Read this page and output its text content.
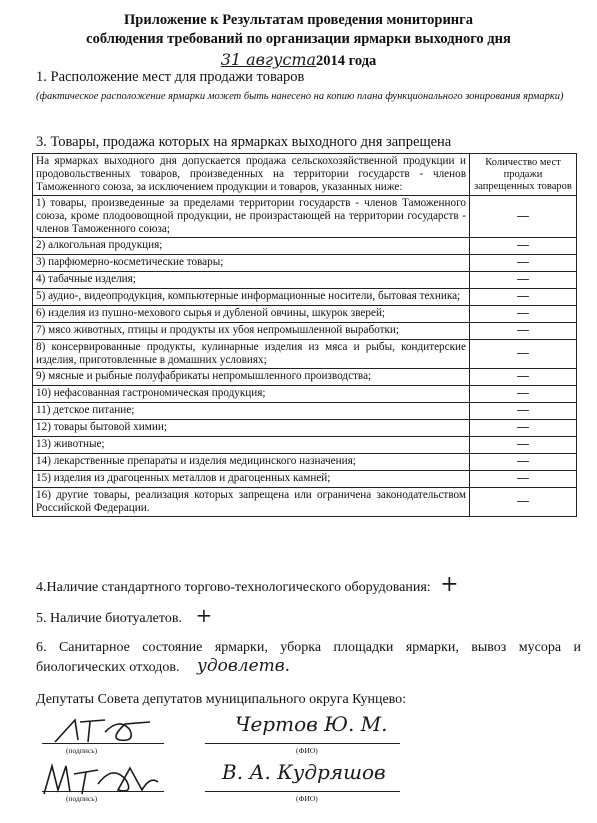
Приложение к Результатам проведения мониторинга
соблюдения требований по организации ярмарки выходного дня
31 августа2014 года
1. Расположение мест для продажи товаров
(фактическое расположение ярмарки может быть нанесено на копию плана функционального зонирования ярмарки)
3. Товары, продажа которых на ярмарках выходного дня запрещена
На ярмарках выходного дня допускается продажа сельскохозяйственной продукции и продовольственных товаров, произведенных на территории государств - членов Таможенного союза, за исключением продукции и товаров, указанных ниже:	Количество мест продажи запрещенных товаров
1) товары, произведенные за пределами территории государств - членов Таможенного союза, кроме плодоовощной продукции, не произрастающей на территории государств - членов Таможенного союза;	—
2) алкогольная продукция;	—
3) парфюмерно-косметические товары;	—
4) табачные изделия;	—
5) аудио-, видеопродукция, компьютерные информационные носители, бытовая техника;	—
6) изделия из пушно-мехового сырья и дубленой овчины, шкурок зверей;	—
7) мясо животных, птицы и продукты их убоя непромышленной выработки;	—
8) консервированные продукты, кулинарные изделия из мяса и рыбы, кондитерские изделия, приготовленные в домашних условиях;	—
9) мясные и рыбные полуфабрикаты непромышленного производства;	—
10) нефасованная гастрономическая продукция;	—
11) детское питание;	—
12) товары бытовой химии;	—
13) животные;	—
14) лекарственные препараты и изделия медицинского назначения;	—
15) изделия из драгоценных металлов и драгоценных камней;	—
16) другие товары, реализация которых запрещена или ограничена законодательством Российской Федерации.	—
4.Наличие стандартного торгово-технологического оборудования: +
5. Наличие биотуалетов. +
6. Санитарное состояние ярмарки, уборка площадки ярмарки, вывоз мусора и биологических отходов. удовлетв.
Депутаты Совета депутатов муниципального округа Кунцево:
(подпись)
Чертов Ю. М.
(ФИО)
(подпись)
В. А. Кудряшов
(ФИО)
